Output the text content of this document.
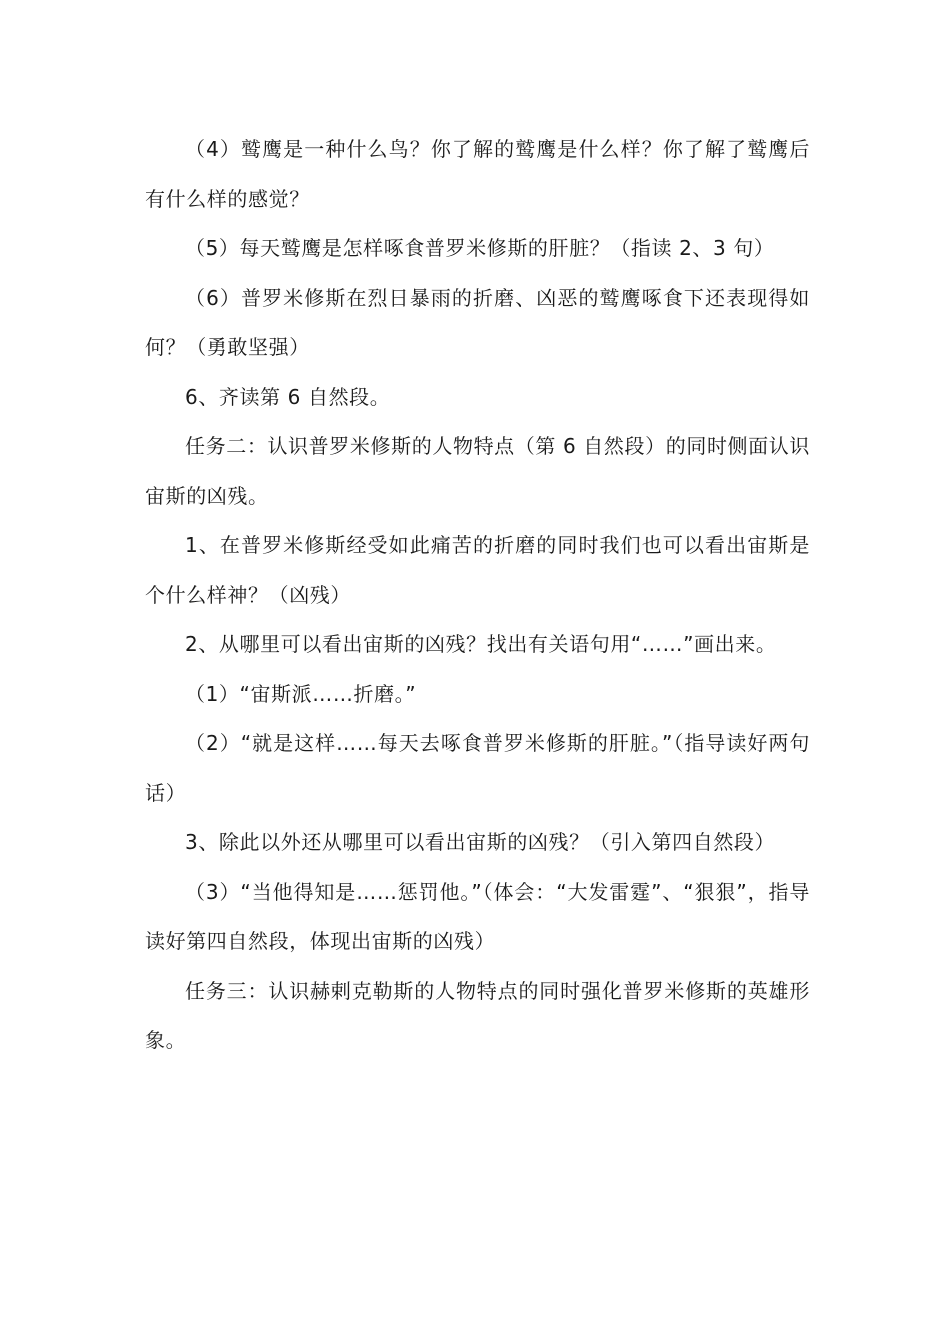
（4）鹫鹰是一种什么鸟？你了解的鹫鹰是什么样？你了解了鹫鹰后有什么样的感觉？

（5）每天鹫鹰是怎样啄食普罗米修斯的肝脏？（指读 2、3 句）

（6）普罗米修斯在烈日暴雨的折磨、凶恶的鹫鹰啄食下还表现得如何？（勇敢坚强）

6、齐读第 6 自然段。

任务二：认识普罗米修斯的人物特点（第 6 自然段）的同时侧面认识宙斯的凶残。

1、在普罗米修斯经受如此痛苦的折磨的同时我们也可以看出宙斯是个什么样神？（凶残）

2、从哪里可以看出宙斯的凶残？找出有关语句用“……”画出来。

（1）“宙斯派……折磨。”

（2）“就是这样……每天去啄食普罗米修斯的肝脏。”（指导读好两句话）

3、除此以外还从哪里可以看出宙斯的凶残？（引入第四自然段）

（3）“当他得知是……惩罚他。”（体会：“大发雷霆”、“狠狠”，指导读好第四自然段，体现出宙斯的凶残）

任务三：认识赫剌克勒斯的人物特点的同时强化普罗米修斯的英雄形象。
